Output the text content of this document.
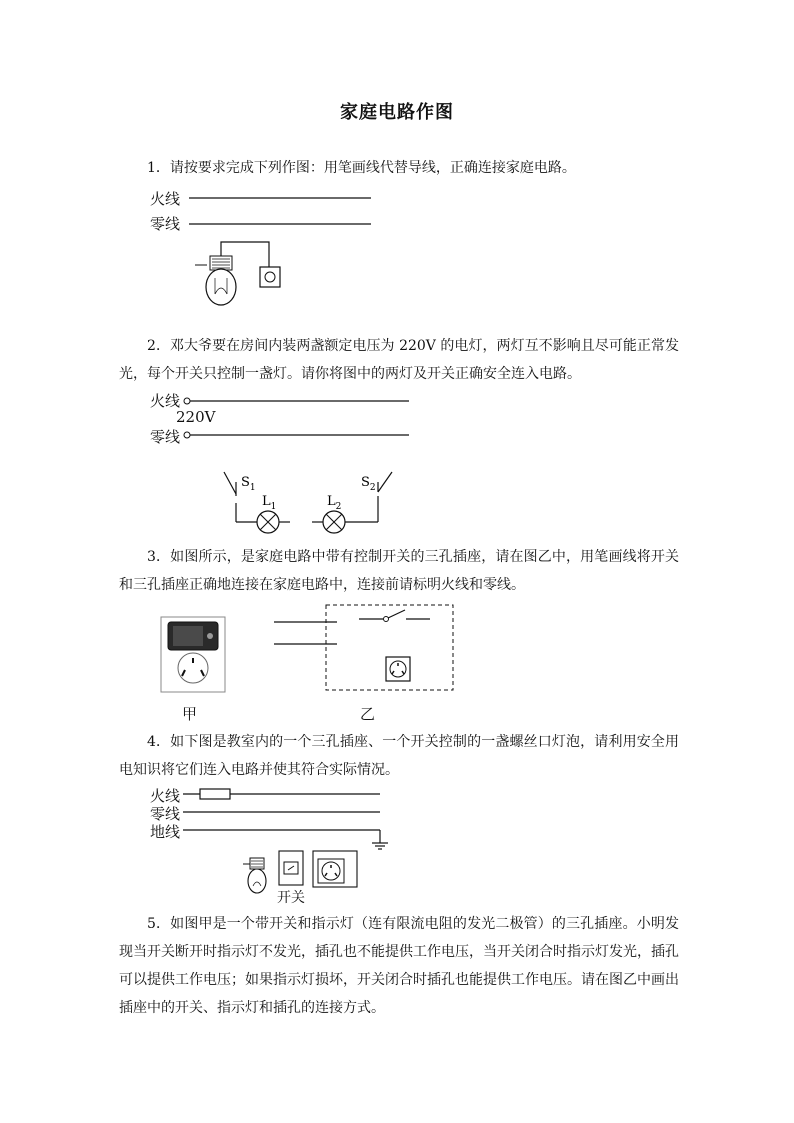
家庭电路作图
1．请按要求完成下列作图：用笔画线代替导线，正确连接家庭电路。
火线
零线
2．邓大爷要在房间内装两盏额定电压为 220V 的电灯，两灯互不影响且尽可能正常发光，每个开关只控制一盏灯。请你将图中的两灯及开关正确安全连入电路。
火线
220V
零线
$S_1$	$S_2$
$L_1$	$L_2$
3．如图所示，是家庭电路中带有控制开关的三孔插座，请在图乙中，用笔画线将开关和三孔插座正确地连接在家庭电路中，连接前请标明火线和零线。
甲	乙
4．如下图是教室内的一个三孔插座、一个开关控制的一盏螺丝口灯泡，请利用安全用电知识将它们连入电路并使其符合实际情况。
火线
零线
地线
开关
5．如图甲是一个带开关和指示灯（连有限流电阻的发光二极管）的三孔插座。小明发现当开关断开时指示灯不发光，插孔也不能提供工作电压，当开关闭合时指示灯发光，插孔可以提供工作电压；如果指示灯损坏，开关闭合时插孔也能提供工作电压。请在图乙中画出插座中的开关、指示灯和插孔的连接方式。
